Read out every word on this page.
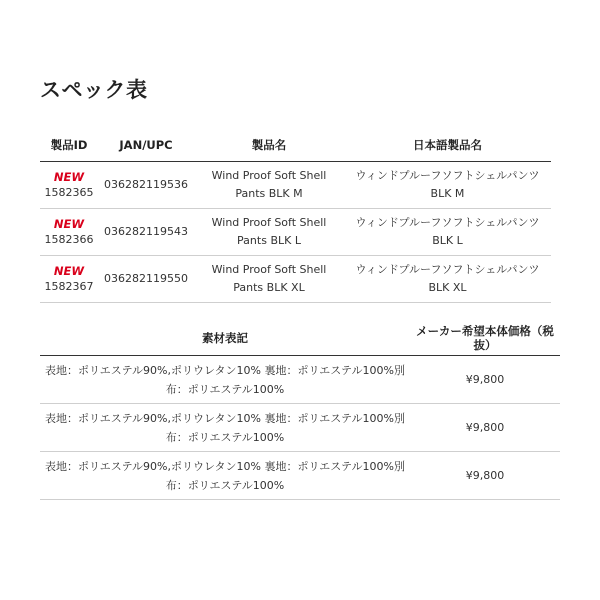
スペック表
製品ID	JAN/UPC	製品名	日本語製品名

NEW
1582365	036282119536	Wind Proof Soft Shell Pants BLK M	ウィンドプルーフソフトシェルパンツ BLK M

NEW
1582366	036282119543	Wind Proof Soft Shell Pants BLK L	ウィンドプルーフソフトシェルパンツ BLK L

NEW
1582367	036282119550	Wind Proof Soft Shell Pants BLK XL	ウィンドプルーフソフトシェルパンツ BLK XL
素材表記	メーカー希望本体価格（税抜）
表地：ポリエステル90%,ポリウレタン10% 裏地：ポリエステル100%別布：ポリエステル100%	¥9,800
表地：ポリエステル90%,ポリウレタン10% 裏地：ポリエステル100%別布：ポリエステル100%	¥9,800
表地：ポリエステル90%,ポリウレタン10% 裏地：ポリエステル100%別布：ポリエステル100%	¥9,800
